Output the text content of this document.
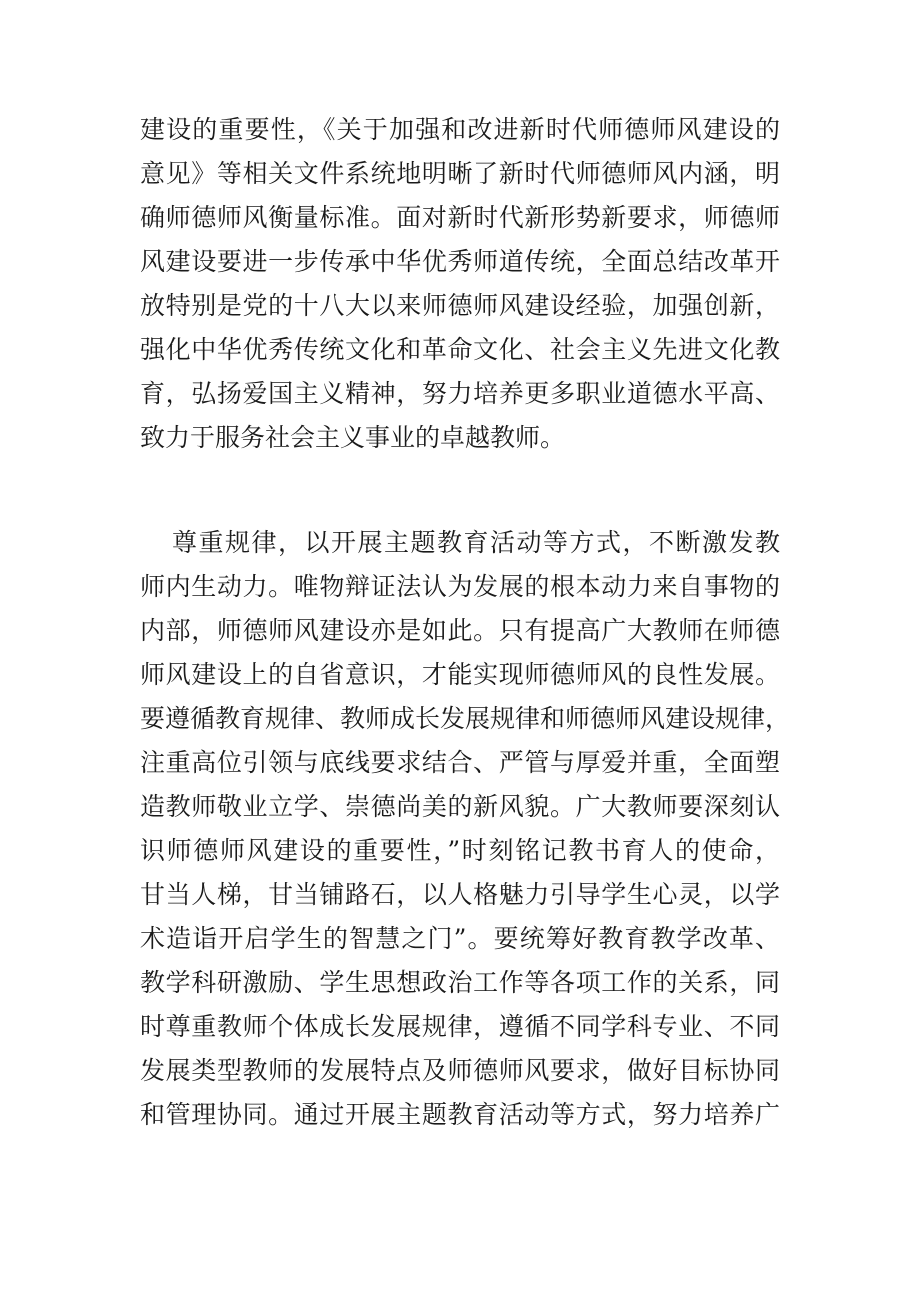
建设的重要性，《关于加强和改进新时代师德师风建设的
意见》等相关文件系统地明晰了新时代师德师风内涵，明
确师德师风衡量标准。面对新时代新形势新要求，师德师
风建设要进一步传承中华优秀师道传统，全面总结改革开
放特别是党的十八大以来师德师风建设经验，加强创新，
强化中华优秀传统文化和革命文化、社会主义先进文化教
育，弘扬爱国主义精神，努力培养更多职业道德水平高、
致力于服务社会主义事业的卓越教师。
尊重规律，以开展主题教育活动等方式，不断激发教
师内生动力。唯物辩证法认为发展的根本动力来自事物的
内部，师德师风建设亦是如此。只有提高广大教师在师德
师风建设上的自省意识，才能实现师德师风的良性发展。
要遵循教育规律、教师成长发展规律和师德师风建设规律，
注重高位引领与底线要求结合、严管与厚爱并重，全面塑
造教师敬业立学、崇德尚美的新风貌。广大教师要深刻认
识师德师风建设的重要性，”时刻铭记教书育人的使命，
甘当人梯，甘当铺路石，以人格魅力引导学生心灵，以学
术造诣开启学生的智慧之门”。要统筹好教育教学改革、
教学科研激励、学生思想政治工作等各项工作的关系，同
时尊重教师个体成长发展规律，遵循不同学科专业、不同
发展类型教师的发展特点及师德师风要求，做好目标协同
和管理协同。通过开展主题教育活动等方式，努力培养广
